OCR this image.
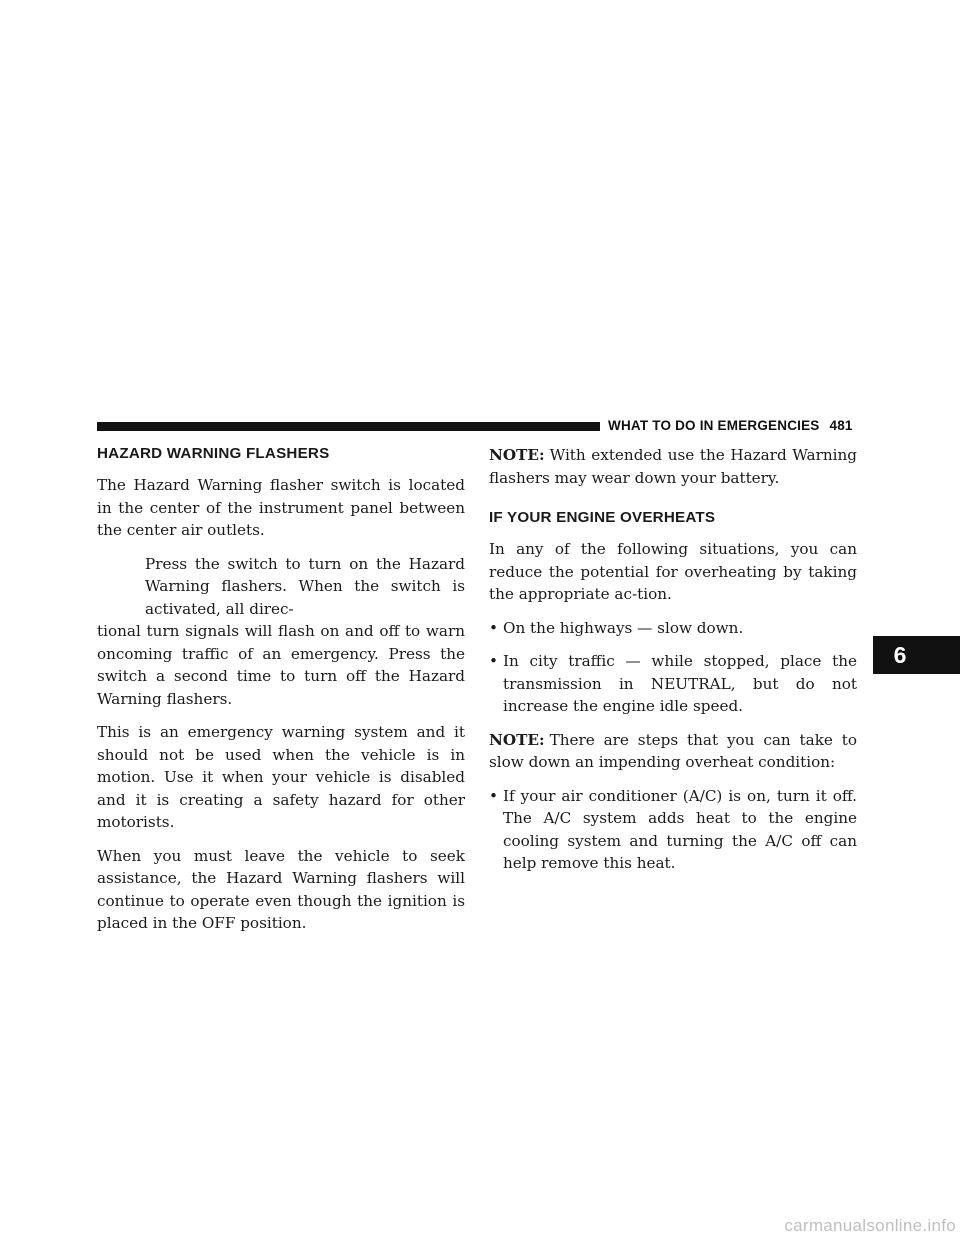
WHAT TO DO IN EMERGENCIES 481
HAZARD WARNING FLASHERS

The Hazard Warning flasher switch is located in the center of the instrument panel between the center air outlets.

Press the switch to turn on the Hazard Warning flashers. When the switch is activated, all direc-

tional turn signals will flash on and off to warn oncoming traffic of an emergency. Press the switch a second time to turn off the Hazard Warning flashers.

This is an emergency warning system and it should not be used when the vehicle is in motion. Use it when your vehicle is disabled and it is creating a safety hazard for other motorists.

When you must leave the vehicle to seek assistance, the Hazard Warning flashers will continue to operate even though the ignition is placed in the OFF position.

NOTE: With extended use the Hazard Warning flashers may wear down your battery.

IF YOUR ENGINE OVERHEATS

In any of the following situations, you can reduce the potential for overheating by taking the appropriate ac-tion.

• On the highways — slow down.
• In city traffic — while stopped, place the transmission in NEUTRAL, but do not increase the engine idle speed.

NOTE: There are steps that you can take to slow down an impending overheat condition:

• If your air conditioner (A/C) is on, turn it off. The A/C system adds heat to the engine cooling system and turning the A/C off can help remove this heat.
6
carmanualsonline.info
